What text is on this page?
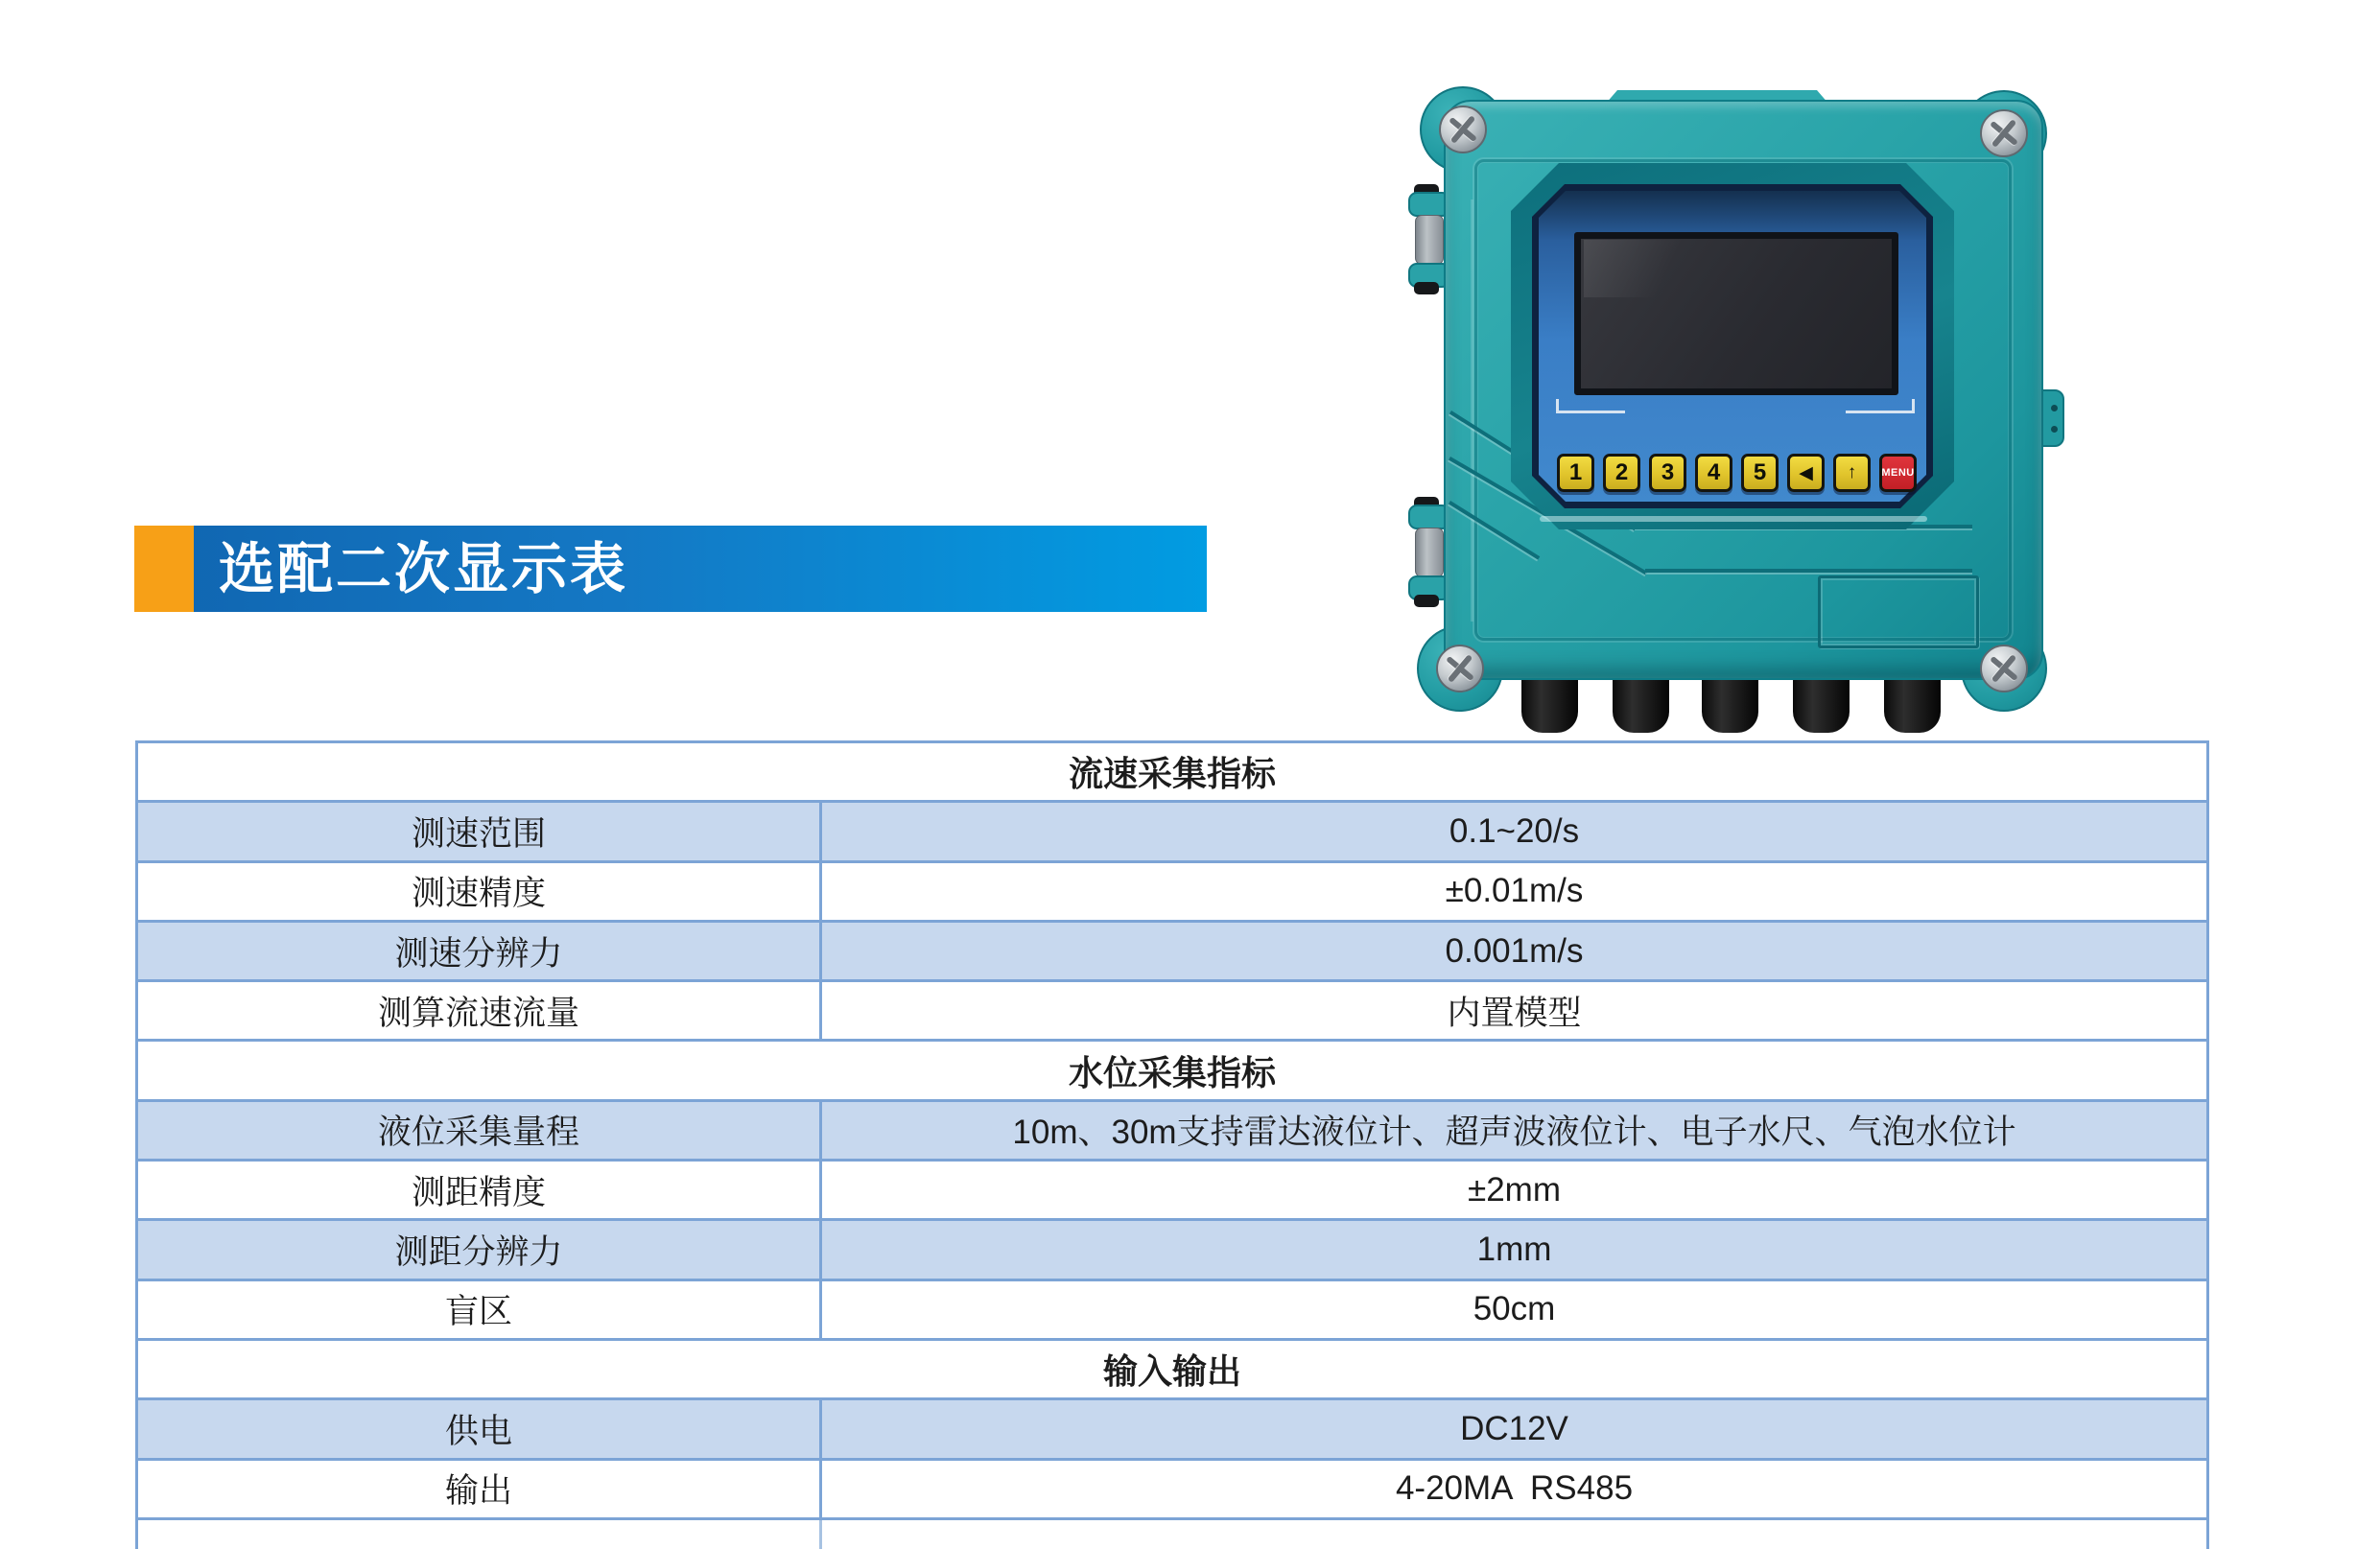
选配二次显示表
1	2	3	4	5	◀	↑	MENU
流速采集指标
测速范围	0.1~20/s
测速精度	±0.01m/s
测速分辨力	0.001m/s
测算流速流量	内置模型
水位采集指标
液位采集量程	10m、30m支持雷达液位计、超声波液位计、电子水尺、气泡水位计
测距精度	±2mm
测距分辨力	1mm
盲区	50cm
输入输出
供电	DC12V
输出	4-20MA  RS485
